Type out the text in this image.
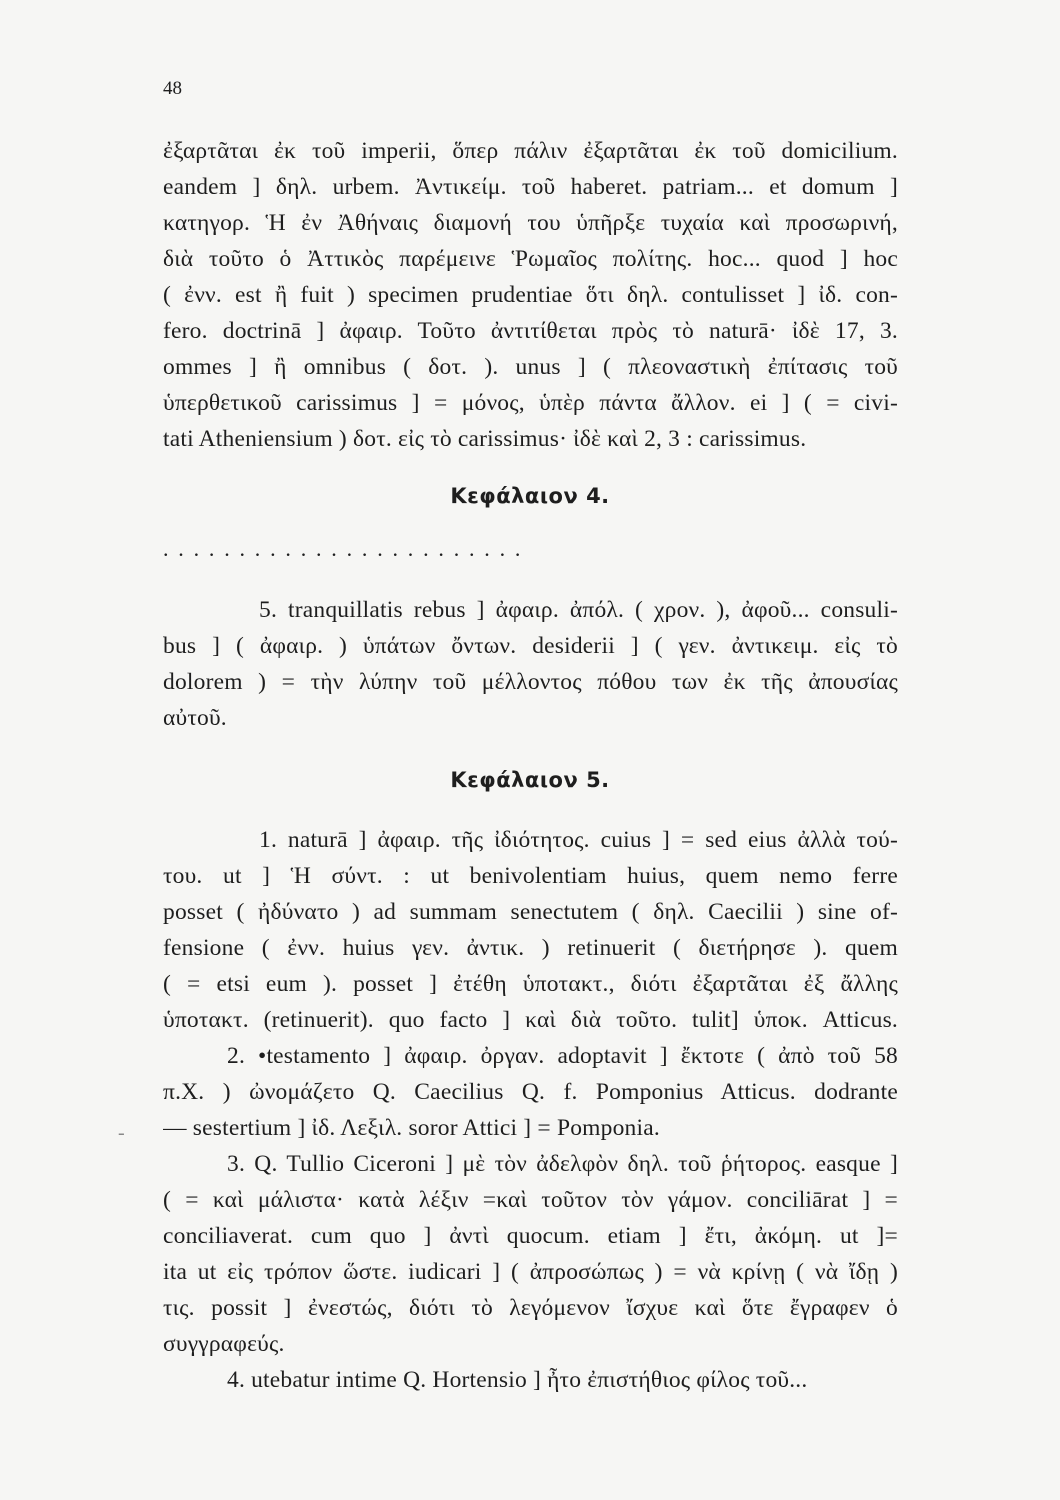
48
ἐξαρτᾶται ἐκ τοῦ imperii, ὅπερ πάλιν ἐξαρτᾶται ἐκ τοῦ domicilium.
eandem ] δηλ. urbem. Ἀντικείμ. τοῦ haberet. patriam... et domum ]
κατηγορ. Ἡ ἐν Ἀθήναις διαμονή του ὑπῆρξε τυχαία καὶ προσωρινή,
διὰ τοῦτο ὁ Ἀττικὸς παρέμεινε Ῥωμαῖος πολίτης. hoc... quod ] hoc
( ἐνν. est ἢ fuit ) specimen prudentiae ὅτι δηλ. contulisset ] ἰδ. con-
fero. doctrinā ] ἀφαιρ. Τοῦτο ἀντιτίθεται πρὸς τὸ naturā· ἰδὲ 17, 3.
ommes ] ἢ omnibus ( δοτ. ). unus ] ( πλεοναστικὴ ἐπίτασις τοῦ
ὑπερθετικοῦ carissimus ] = μόνος, ὑπὲρ πάντα ἄλλον. ei ] ( = civi-
tati Atheniensium ) δοτ. εἰς τὸ carissimus· ἰδὲ καὶ 2, 3 : carissimus.
Κεφάλαιον 4.
........................
5. tranquillatis rebus ] ἀφαιρ. ἀπόλ. ( χρον. ), ἀφοῦ... consuli-
bus ] ( ἀφαιρ. ) ὑπάτων ὄντων. desiderii ] ( γεν. ἀντικειμ. εἰς τὸ
dolorem ) = τὴν λύπην τοῦ μέλλοντος πόθου των ἐκ τῆς ἀπουσίας
αὐτοῦ.
Κεφάλαιον 5.
1. naturā ] ἀφαιρ. τῆς ἰδιότητος. cuius ] = sed eius ἀλλὰ τού-
του. ut ] Ἡ σύντ. : ut benivolentiam huius, quem nemo ferre
posset ( ἠδύνατο ) ad summam senectutem ( δηλ. Caecilii ) sine of-
fensione ( ἐνν. huius γεν. ἀντικ. ) retinuerit ( διετήρησε ). quem
( = etsi eum ). posset ] ἐτέθη ὑποτακτ., διότι ἐξαρτᾶται ἐξ ἄλλης
ὑποτακτ. (retinuerit). quo facto ] καὶ διὰ τοῦτο. tulit] ὑποκ. Atticus.
2. •testamento ] ἀφαιρ. ὀργαν. adoptavit ] ἔκτοτε ( ἀπὸ τοῦ 58
π.Χ. ) ὠνομάζετο Q. Caecilius Q. f. Pomponius Atticus. dodrante
— sestertium ] ἰδ. Λεξιλ. soror Attici ] = Pomponia.
3. Q. Tullio Ciceroni ] μὲ τὸν ἀδελφὸν δηλ. τοῦ ῥήτορος. easque ]
( = καὶ μάλιστα· κατὰ λέξιν =καὶ τοῦτον τὸν γάμον. conciliārat ] =
conciliaverat. cum quo ] ἀντὶ quocum. etiam ] ἔτι, ἀκόμη. ut ]=
ita ut εἰς τρόπον ὥστε. iudicari ] ( ἀπροσώπως ) = νὰ κρίνῃ ( νὰ ἴδῃ )
τις. possit ] ἐνεστώς, διότι τὸ λεγόμενον ἴσχυε καὶ ὅτε ἔγραφεν ὁ
συγγραφεύς.
4. utebatur intime Q. Hortensio ] ἦτο ἐπιστήθιος φίλος τοῦ...
-
